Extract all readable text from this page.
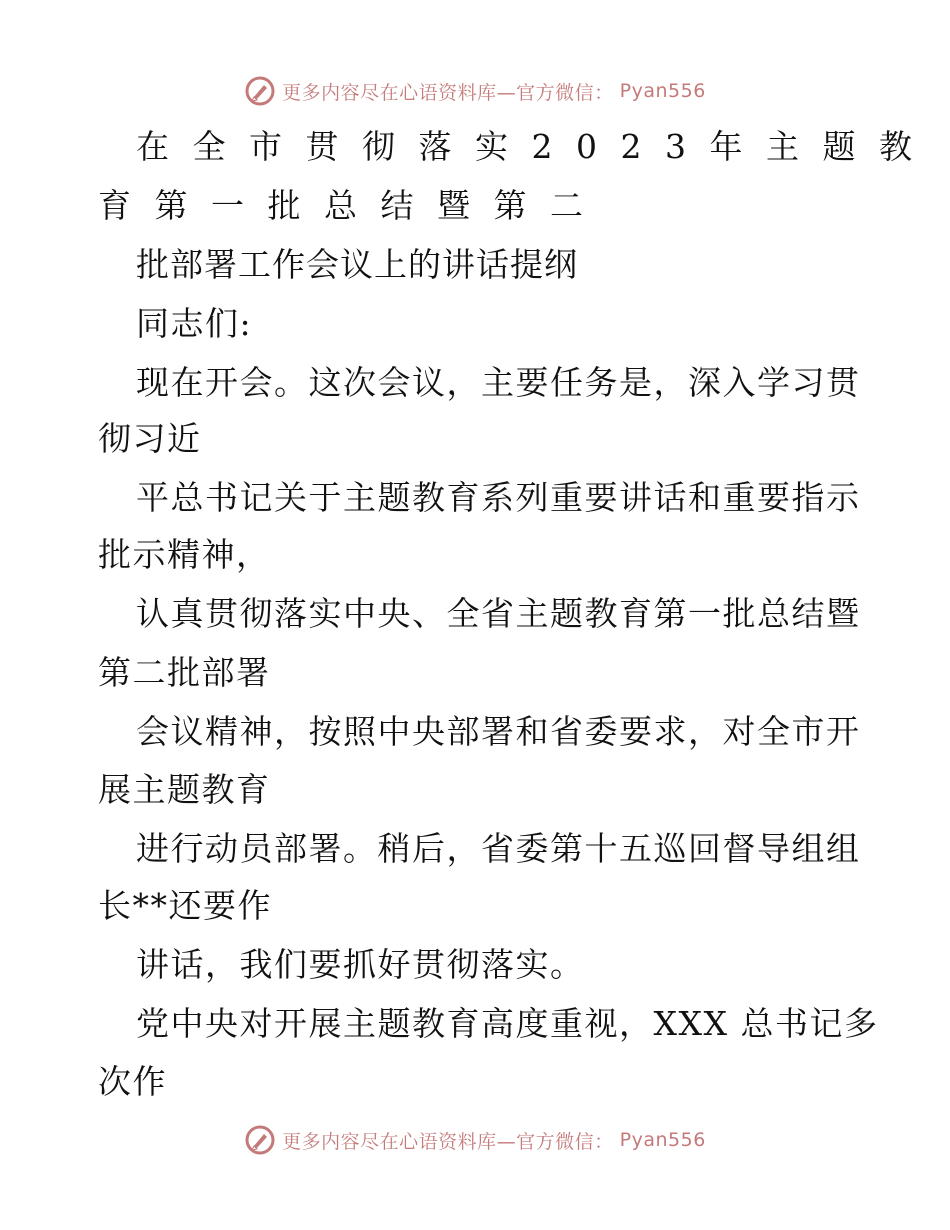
更多内容尽在心语资料库—官方微信： Pyan556
在全市贯彻落实2023年主题教
育第一批总结暨第二
批部署工作会议上的讲话提纲
同志们:
现在开会。这次会议，主要任务是，深入学习贯
彻习近
平总书记关于主题教育系列重要讲话和重要指示
批示精神，
认真贯彻落实中央、全省主题教育第一批总结暨
第二批部署
会议精神，按照中央部署和省委要求，对全市开
展主题教育
进行动员部署。稍后，省委第十五巡回督导组组
长**还要作
讲话，我们要抓好贯彻落实。
党中央对开展主题教育高度重视，XXX 总书记多
次作
更多内容尽在心语资料库—官方微信： Pyan556
